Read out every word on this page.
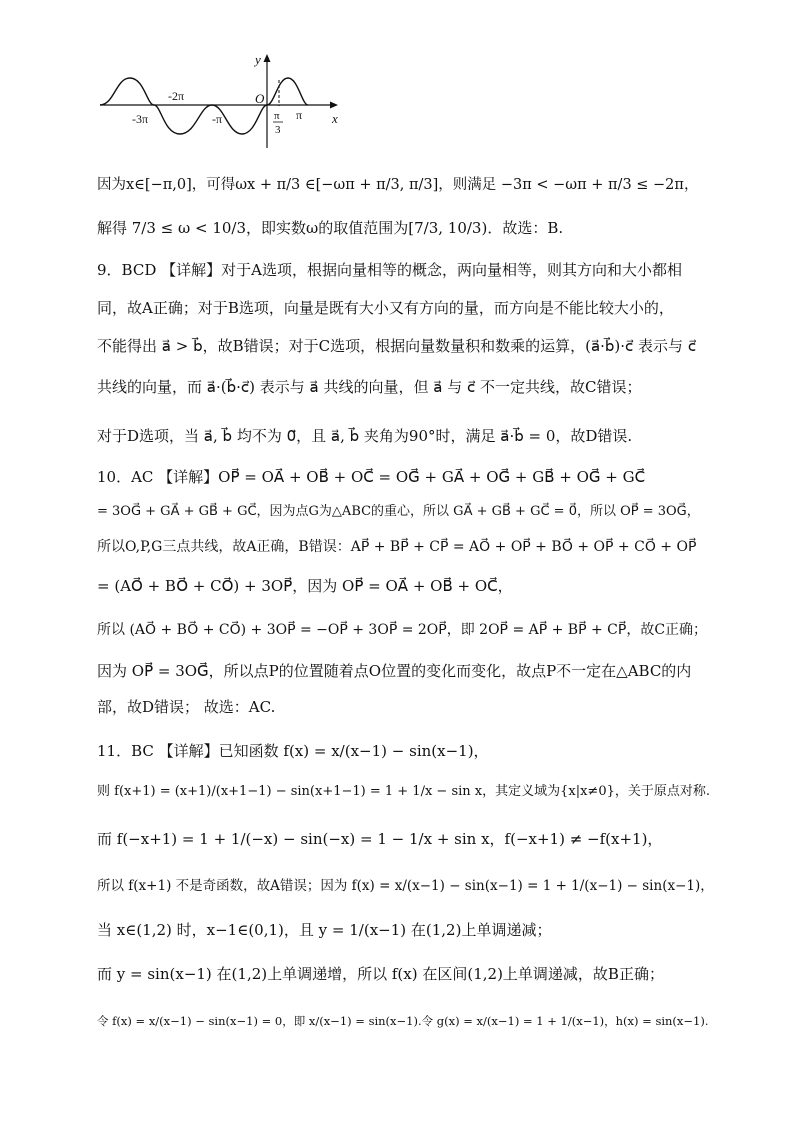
y
x
O
-3π
-2π
-π	π
3
π
因为x∈[−π,0]，可得ωx + π/3 ∈[−ωπ + π/3, π/3]，则满足 −3π < −ωπ + π/3 ≤ −2π，
解得 7/3 ≤ ω < 10/3，即实数ω的取值范围为[7/3, 10/3)．故选：B.
9．BCD 【详解】对于A选项，根据向量相等的概念，两向量相等，则其方向和大小都相
同，故A正确；对于B选项，向量是既有大小又有方向的量，而方向是不能比较大小的，
不能得出 a⃗ > b⃗，故B错误；对于C选项，根据向量数量积和数乘的运算，(a⃗·b⃗)·c⃗ 表示与 c⃗
共线的向量，而 a⃗·(b⃗·c⃗) 表示与 a⃗ 共线的向量，但 a⃗ 与 c⃗ 不一定共线，故C错误；
对于D选项，当 a⃗, b⃗ 均不为 0⃗，且 a⃗, b⃗ 夹角为90°时，满足 a⃗·b⃗ = 0，故D错误.
10．AC 【详解】OP⃗ = OA⃗ + OB⃗ + OC⃗ = OG⃗ + GA⃗ + OG⃗ + GB⃗ + OG⃗ + GC⃗
= 3OG⃗ + GA⃗ + GB⃗ + GC⃗，因为点G为△ABC的重心，所以 GA⃗ + GB⃗ + GC⃗ = 0⃗，所以 OP⃗ = 3OG⃗，
所以O,P,G三点共线，故A正确，B错误：AP⃗ + BP⃗ + CP⃗ = AO⃗ + OP⃗ + BO⃗ + OP⃗ + CO⃗ + OP⃗
= (AO⃗ + BO⃗ + CO⃗) + 3OP⃗，因为 OP⃗ = OA⃗ + OB⃗ + OC⃗，
所以 (AO⃗ + BO⃗ + CO⃗) + 3OP⃗ = −OP⃗ + 3OP⃗ = 2OP⃗，即 2OP⃗ = AP⃗ + BP⃗ + CP⃗，故C正确；
因为 OP⃗ = 3OG⃗，所以点P的位置随着点O位置的变化而变化，故点P不一定在△ABC的内
部，故D错误； 故选：AC.
11．BC 【详解】已知函数 f(x) = x/(x−1) − sin(x−1)，
则 f(x+1) = (x+1)/(x+1−1) − sin(x+1−1) = 1 + 1/x − sin x，其定义域为{x|x≠0}，关于原点对称.
而 f(−x+1) = 1 + 1/(−x) − sin(−x) = 1 − 1/x + sin x，f(−x+1) ≠ −f(x+1)，
所以 f(x+1) 不是奇函数，故A错误；因为 f(x) = x/(x−1) − sin(x−1) = 1 + 1/(x−1) − sin(x−1)，
当 x∈(1,2) 时，x−1∈(0,1)，且 y = 1/(x−1) 在(1,2)上单调递减；
而 y = sin(x−1) 在(1,2)上单调递增，所以 f(x) 在区间(1,2)上单调递减，故B正确；
令 f(x) = x/(x−1) − sin(x−1) = 0，即 x/(x−1) = sin(x−1).令 g(x) = x/(x−1) = 1 + 1/(x−1)，h(x) = sin(x−1).
